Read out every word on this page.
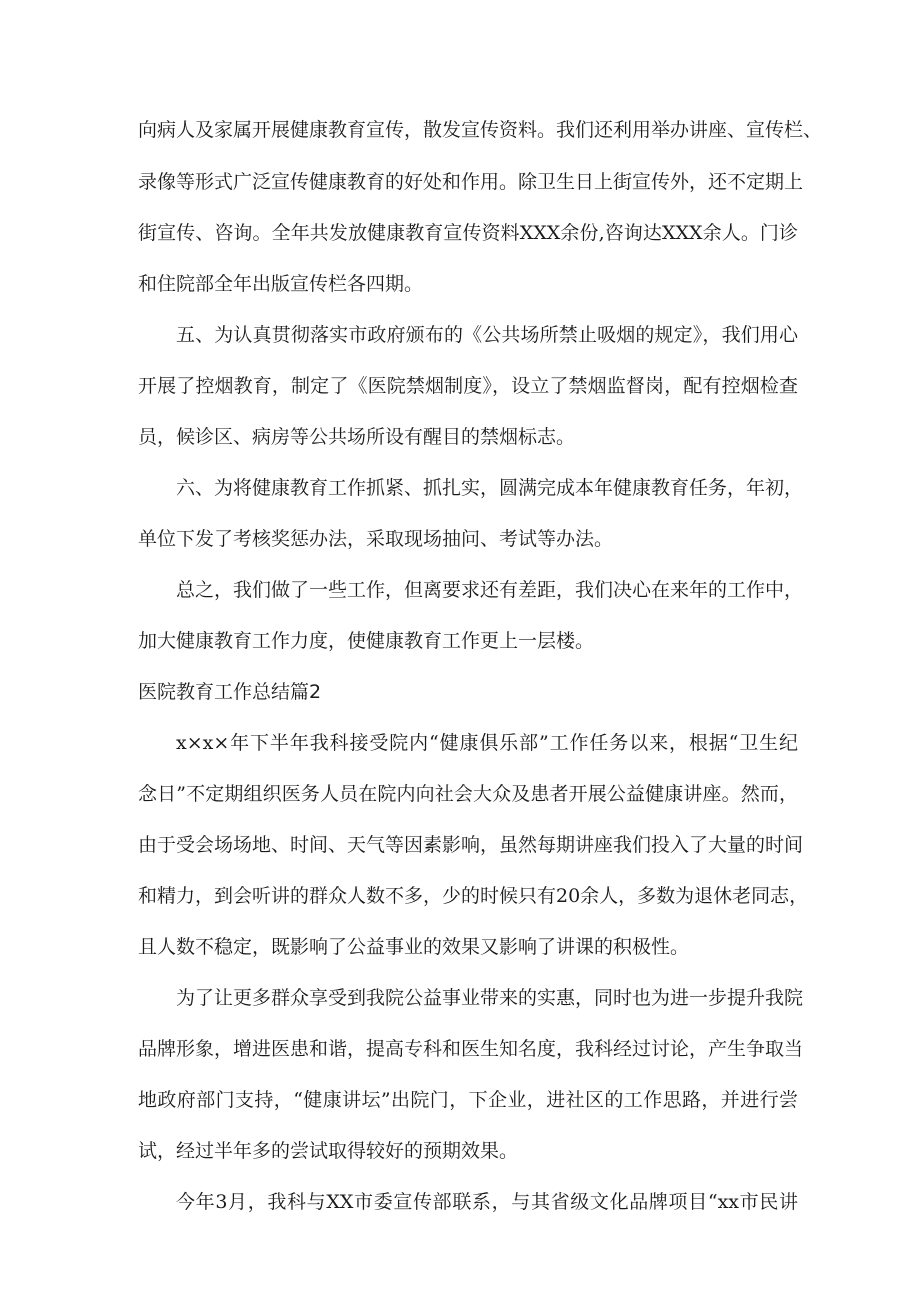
向病人及家属开展健康教育宣传，散发宣传资料。我们还利用举办讲座、宣传栏、
录像等形式广泛宣传健康教育的好处和作用。除卫生日上街宣传外，还不定期上
街宣传、咨询。全年共发放健康教育宣传资料XXX余份,咨询达XXX余人。门诊
和住院部全年出版宣传栏各四期。
五、为认真贯彻落实市政府颁布的《公共场所禁止吸烟的规定》，我们用心
开展了控烟教育，制定了《医院禁烟制度》，设立了禁烟监督岗，配有控烟检查
员，候诊区、病房等公共场所设有醒目的禁烟标志。
六、为将健康教育工作抓紧、抓扎实，圆满完成本年健康教育任务，年初，
单位下发了考核奖惩办法，采取现场抽问、考试等办法。
总之，我们做了一些工作，但离要求还有差距，我们决心在来年的工作中，
加大健康教育工作力度，使健康教育工作更上一层楼。
医院教育工作总结篇2
x×x×年下半年我科接受院内“健康俱乐部”工作任务以来，根据“卫生纪
念日”不定期组织医务人员在院内向社会大众及患者开展公益健康讲座。然而，
由于受会场场地、时间、天气等因素影响，虽然每期讲座我们投入了大量的时间
和精力，到会听讲的群众人数不多，少的时候只有20余人，多数为退休老同志，
且人数不稳定，既影响了公益事业的效果又影响了讲课的积极性。
为了让更多群众享受到我院公益事业带来的实惠，同时也为进一步提升我院
品牌形象，增进医患和谐，提高专科和医生知名度，我科经过讨论，产生争取当
地政府部门支持，“健康讲坛”出院门，下企业，进社区的工作思路，并进行尝
试，经过半年多的尝试取得较好的预期效果。
今年3月，我科与XX市委宣传部联系，与其省级文化品牌项目“xx市民讲
